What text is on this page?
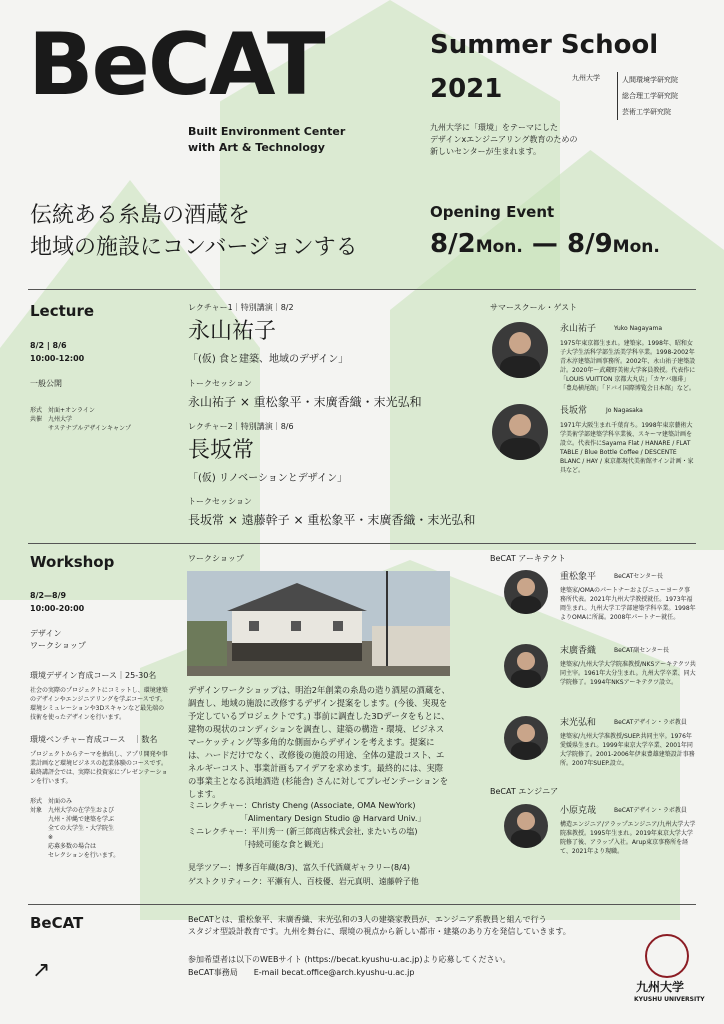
BeCAT	Summer School
2021	九州大学	人間環境学研究院
総合理工学研究院
芸術工学研究院
Built Environment Center
with Art & Technology
九州大学に「環境」をテーマにした
デザインxエンジニアリング教育のための
新しいセンターが生まれます。
伝統ある糸島の酒蔵を
地域の施設にコンバージョンする
Opening Event
8/2Mon. — 8/9Mon.
Lecture
8/2 | 8/6
10:00-12:00
一般公開
形式　対面+オンライン
共催　九州大学
　　　サステナブルデザインキャンプ
レクチャー1｜特別講演｜8/2
永山祐子
「(仮) 食と建築、地域のデザイン」
トークセッション
永山祐子 × 重松象平・末廣香織・末光弘和
レクチャー2｜特別講演｜8/6
長坂常
「(仮) リノベーションとデザイン」
トークセッション
長坂常 × 遠藤幹子 × 重松象平・末廣香織・末光弘和
サマースクール・ゲスト
永山祐子	Yuko Nagayama
1975年東京都生まれ。建築家。1998年、昭和女子大学生活科学部生活美学科卒業。1998-2002年青木淳建築計画事務所。2002年、永山祐子建築設計。2020年〜武蔵野美術大学客員教授。代表作に「LOUIS VUITTON 京都大丸店」「カヤバ珈琲」「豊島横尾館」「ドバイ国際博覧会日本館」など。
長坂常	Jo Nagasaka
1971年大阪生まれ千葉育ち。1998年東京藝術大学美術学部建築学科卒業後、スキーマ建築計画を設立。代表作にSayama Flat / HANARE / FLAT TABLE / Blue Bottle Coffee / DESCENTE BLANC / HAY / 東京都現代美術館サイン計画・家具など。
Workshop
8/2—8/9
10:00-20:00
デザイン
ワークショップ
環境デザイン育成コース｜25-30名
社会の実際のプロジェクトにコミットし、環境建築のデザインやエンジニアリングを学ぶコースです。環境シミュレーションや3Dスキャンなど最先端の技術を使ったデザインを行います。
環境ベンチャー育成コース　｜数名
プロジェクトからテーマを抽出し、アプリ開発や事業計画など環境ビジネスの起業体験のコースです。最終講評会では、実際に投資家にプレゼンテーションを行います。
形式　対面のみ
対象　九州大学の在学生および
　　　九州・沖縄で建築を学ぶ
　　　全ての大学生・大学院生
　　　※
　　　応募多数の場合は
　　　セレクションを行います。
ワークショップ
デザインワークショップは、明治2年創業の糸島の造り酒屋の酒蔵を、調査し、地域の施設に改修するデザイン提案をします。(今後、実現を予定しているプロジェクトです。) 事前に調査した3Dデータをもとに、建物の現状のコンディションを調査し、建築の構造・環境、ビジネスマーケッティング等多角的な側面からデザインを考えます。提案には、ハードだけでなく、改修後の施設の用途、全体の建設コスト、エネルギーコスト、事業計画もアイデアを求めます。最終的には、実際の事業主となる浜地酒造 (杉能舎) さんに対してプレゼンテーションをします。
ミニレクチャー：Christy Cheng (Associate, OMA NewYork)
「Alimentary Design Studio @ Harvard Univ.」
ミニレクチャー：平川秀一 (新三郎商店株式会社, またいちの塩)
「持続可能な食と観光」
見学ツアー：博多百年蔵(8/3)、富久千代酒蔵ギャラリー(8/4)
ゲストクリティーク：平瀬有人、百枝優、岩元真明、遠藤幹子他
BeCAT アーキテクト
重松象平	BeCATセンター長
建築家/OMAのパートナーおよびニューヨーク事務所代表。2021年九州大学教授就任。1973年福岡生まれ。九州大学工学部建築学科卒業。1998年よりOMAに所属。2008年パートナー就任。
末廣香織	BeCAT副センター長
建築家/九州大学大学院准教授/NKSアーキテクツ共同主宰。1961年大分生まれ。九州大学卒業、同大学院修了。1994年NKSアーキテクツ設立。
末光弘和	BeCATデザイン・ラボ教員
建築家/九州大学准教授/SUEP.共同主宰。1976年愛媛県生まれ。1999年東京大学卒業、2001年同大学院修了。2001-2006年伊東豊雄建築設計事務所。2007年SUEP.設立。
BeCAT エンジニア
小原克哉	BeCATデザイン・ラボ教員
構造エンジニア/アラップエンジニア/九州大学大学院准教授。1995年生まれ。2019年東京大学大学院修了後、アラップ入社。Arup東京事務所を経て、2021年より現職。
BeCAT	BeCATとは、重松象平、末廣香織、末光弘和の3人の建築家教員が、エンジニア系教員と組んで行う
スタジオ型設計教育です。九州を舞台に、環境の視点から新しい都市・建築のあり方を発信していきます。
参加希望者は以下のWEBサイト (https://becat.kyushu-u.ac.jp)より応募してください。
BeCAT事務局　　E-mail becat.office@arch.kyushu-u.ac.jp
↗
九州大学
KYUSHU UNIVERSITY
